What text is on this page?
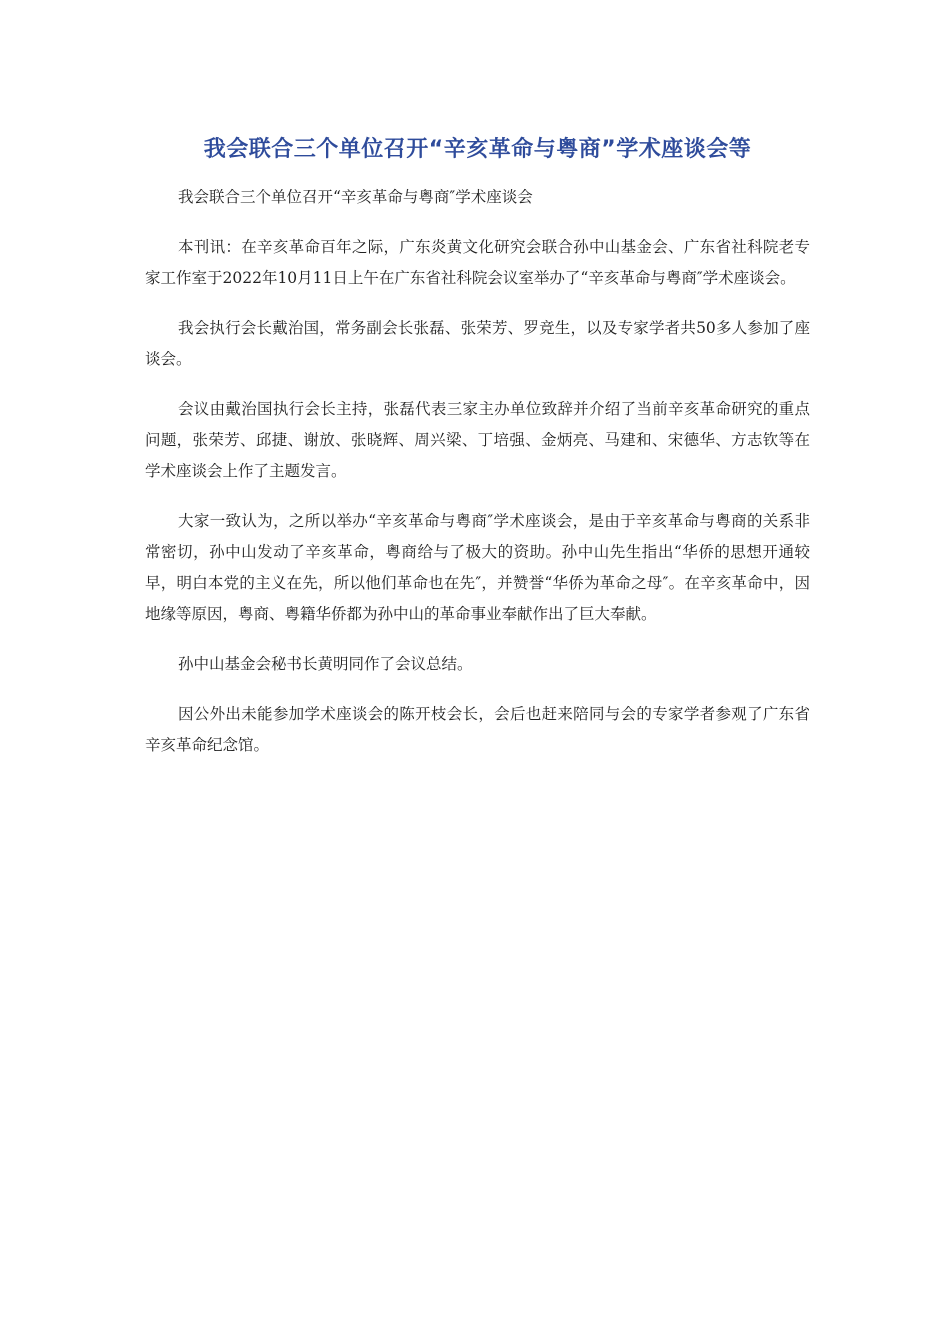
我会联合三个单位召开“辛亥革命与粤商”学术座谈会等

我会联合三个单位召开“辛亥革命与粤商″学术座谈会

本刊讯：在辛亥革命百年之际，广东炎黄文化研究会联合孙中山基金会、广东省社科院老专家工作室于2022年10月11日上午在广东省社科院会议室举办了“辛亥革命与粤商″学术座谈会。

我会执行会长戴治国，常务副会长张磊、张荣芳、罗竞生，以及专家学者共50多人参加了座谈会。

会议由戴治国执行会长主持，张磊代表三家主办单位致辞并介绍了当前辛亥革命研究的重点问题，张荣芳、邱捷、谢放、张晓辉、周兴梁、丁培强、金炳亮、马建和、宋德华、方志钦等在学术座谈会上作了主题发言。

大家一致认为，之所以举办“辛亥革命与粤商″学术座谈会，是由于辛亥革命与粤商的关系非常密切，孙中山发动了辛亥革命，粤商给与了极大的资助。孙中山先生指出“华侨的思想开通较早，明白本党的主义在先，所以他们革命也在先″，并赞誉“华侨为革命之母″。在辛亥革命中，因地缘等原因，粤商、粤籍华侨都为孙中山的革命事业奉献作出了巨大奉献。

孙中山基金会秘书长黄明同作了会议总结。

因公外出未能参加学术座谈会的陈开枝会长，会后也赶来陪同与会的专家学者参观了广东省辛亥革命纪念馆。
